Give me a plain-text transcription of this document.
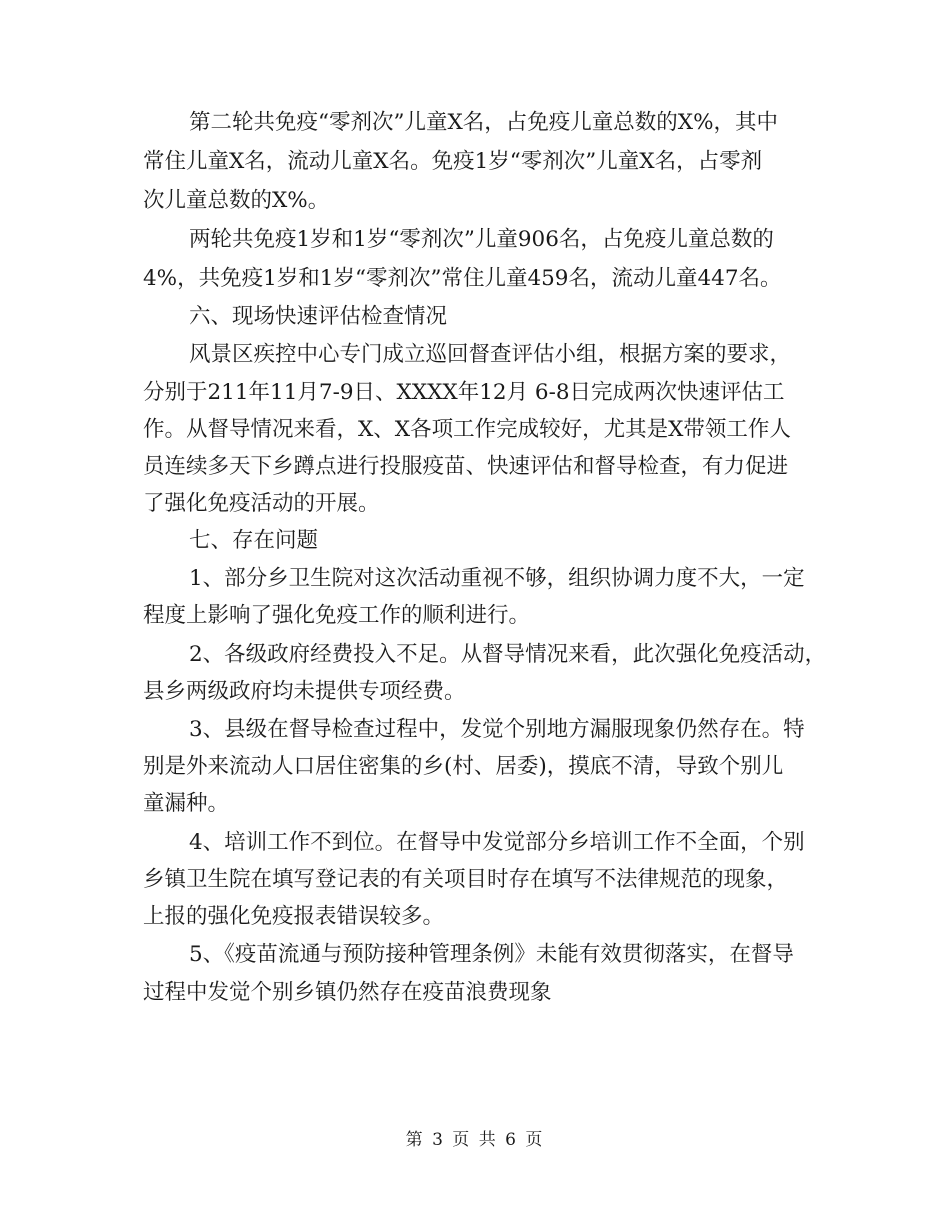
第二轮共免疫“零剂次”儿童X名，占免疫儿童总数的X%，其中
常住儿童X名，流动儿童X名。免疫1岁“零剂次”儿童X名，占零剂
次儿童总数的X%。
两轮共免疫1岁和1岁“零剂次”儿童906名，占免疫儿童总数的
4%，共免疫1岁和1岁“零剂次”常住儿童459名，流动儿童447名。
六、现场快速评估检查情况
风景区疾控中心专门成立巡回督查评估小组，根据方案的要求，
分别于211年11月7-9日、XXXX年12月 6-8日完成两次快速评估工
作。从督导情况来看，X、X各项工作完成较好，尤其是X带领工作人
员连续多天下乡蹲点进行投服疫苗、快速评估和督导检查，有力促进
了强化免疫活动的开展。
七、存在问题
1、部分乡卫生院对这次活动重视不够，组织协调力度不大，一定
程度上影响了强化免疫工作的顺利进行。
2、各级政府经费投入不足。从督导情况来看，此次强化免疫活动，
县乡两级政府均未提供专项经费。
3、县级在督导检查过程中，发觉个别地方漏服现象仍然存在。特
别是外来流动人口居住密集的乡(村、居委)，摸底不清，导致个别儿
童漏种。
4、培训工作不到位。在督导中发觉部分乡培训工作不全面，个别
乡镇卫生院在填写登记表的有关项目时存在填写不法律规范的现象，
上报的强化免疫报表错误较多。
5、《疫苗流通与预防接种管理条例》未能有效贯彻落实，在督导
过程中发觉个别乡镇仍然存在疫苗浪费现象
第 3 页 共 6 页
